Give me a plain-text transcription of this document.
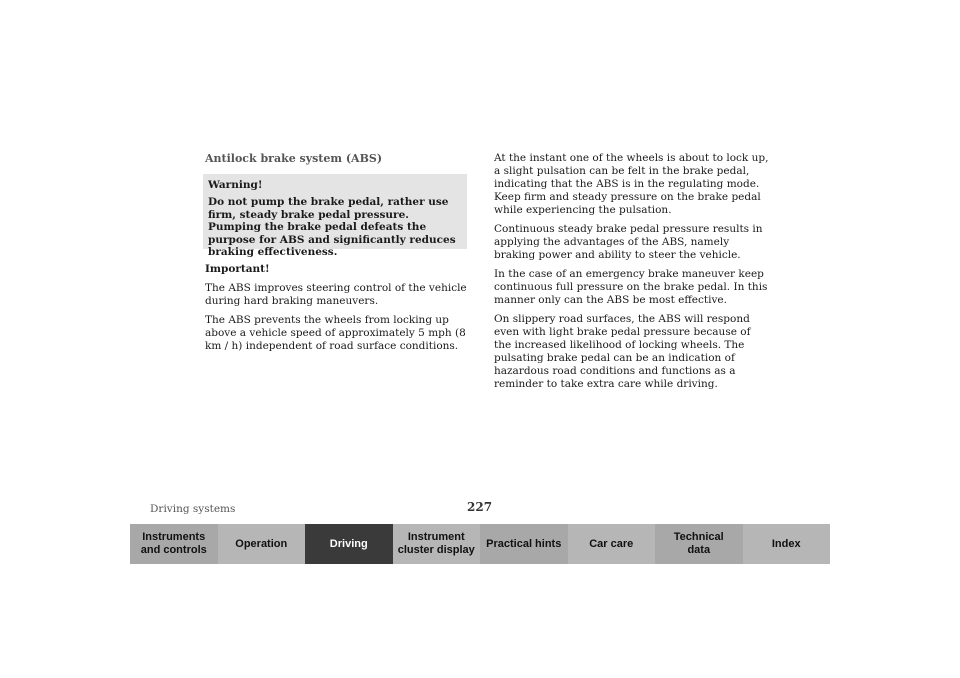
Antilock brake system (ABS)
Warning!
Do not pump the brake pedal, rather use firm, steady brake pedal pressure. Pumping the brake pedal defeats the purpose for ABS and significantly reduces braking effectiveness.
Important!

The ABS improves steering control of the vehicle during hard braking maneuvers.

The ABS prevents the wheels from locking up above a vehicle speed of approximately 5 mph (8 km / h) independent of road surface conditions.

At the instant one of the wheels is about to lock up, a slight pulsation can be felt in the brake pedal, indicating that the ABS is in the regulating mode. Keep firm and steady pressure on the brake pedal while experiencing the pulsation.

Continuous steady brake pedal pressure results in applying the advantages of the ABS, namely braking power and ability to steer the vehicle.

In the case of an emergency brake maneuver keep continuous full pressure on the brake pedal. In this manner only can the ABS be most effective.

On slippery road surfaces, the ABS will respond even with light brake pedal pressure because of the increased likelihood of locking wheels. The pulsating brake pedal can be an indication of hazardous road conditions and functions as a reminder to take extra care while driving.

Driving systems	227
Instruments
and controls
Operation	Driving
Instrument
cluster display
Practical hints	Car care
Technical
data
Index
